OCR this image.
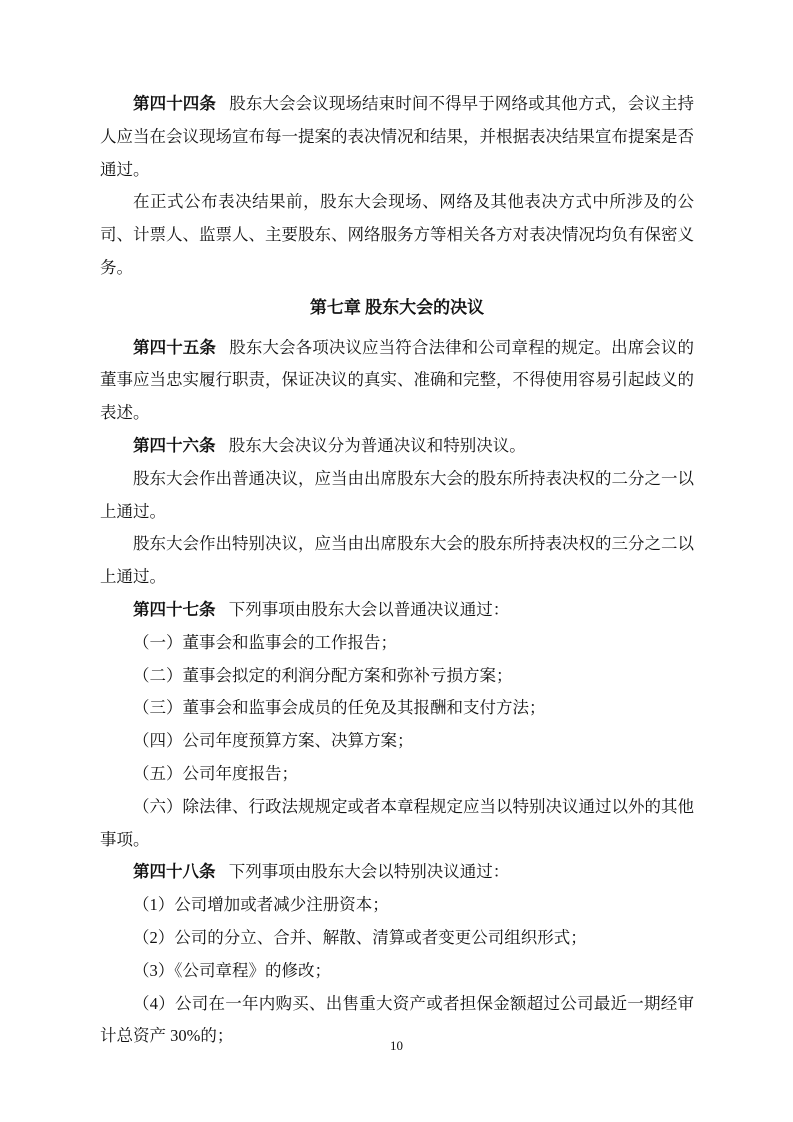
第四十四条 股东大会会议现场结束时间不得早于网络或其他方式，会议主持人应当在会议现场宣布每一提案的表决情况和结果，并根据表决结果宣布提案是否通过。

在正式公布表决结果前，股东大会现场、网络及其他表决方式中所涉及的公司、计票人、监票人、主要股东、网络服务方等相关各方对表决情况均负有保密义务。

第七章 股东大会的决议

第四十五条 股东大会各项决议应当符合法律和公司章程的规定。出席会议的董事应当忠实履行职责，保证决议的真实、准确和完整，不得使用容易引起歧义的表述。

第四十六条 股东大会决议分为普通决议和特别决议。

股东大会作出普通决议，应当由出席股东大会的股东所持表决权的二分之一以上通过。

股东大会作出特别决议，应当由出席股东大会的股东所持表决权的三分之二以上通过。

第四十七条 下列事项由股东大会以普通决议通过：

（一）董事会和监事会的工作报告；

（二）董事会拟定的利润分配方案和弥补亏损方案；

（三）董事会和监事会成员的任免及其报酬和支付方法；

（四）公司年度预算方案、决算方案；

（五）公司年度报告；

（六）除法律、行政法规规定或者本章程规定应当以特别决议通过以外的其他事项。

第四十八条 下列事项由股东大会以特别决议通过：

（1）公司增加或者减少注册资本；

（2）公司的分立、合并、解散、清算或者变更公司组织形式；

（3）《公司章程》的修改；

（4）公司在一年内购买、出售重大资产或者担保金额超过公司最近一期经审计总资产 30%的；

10
